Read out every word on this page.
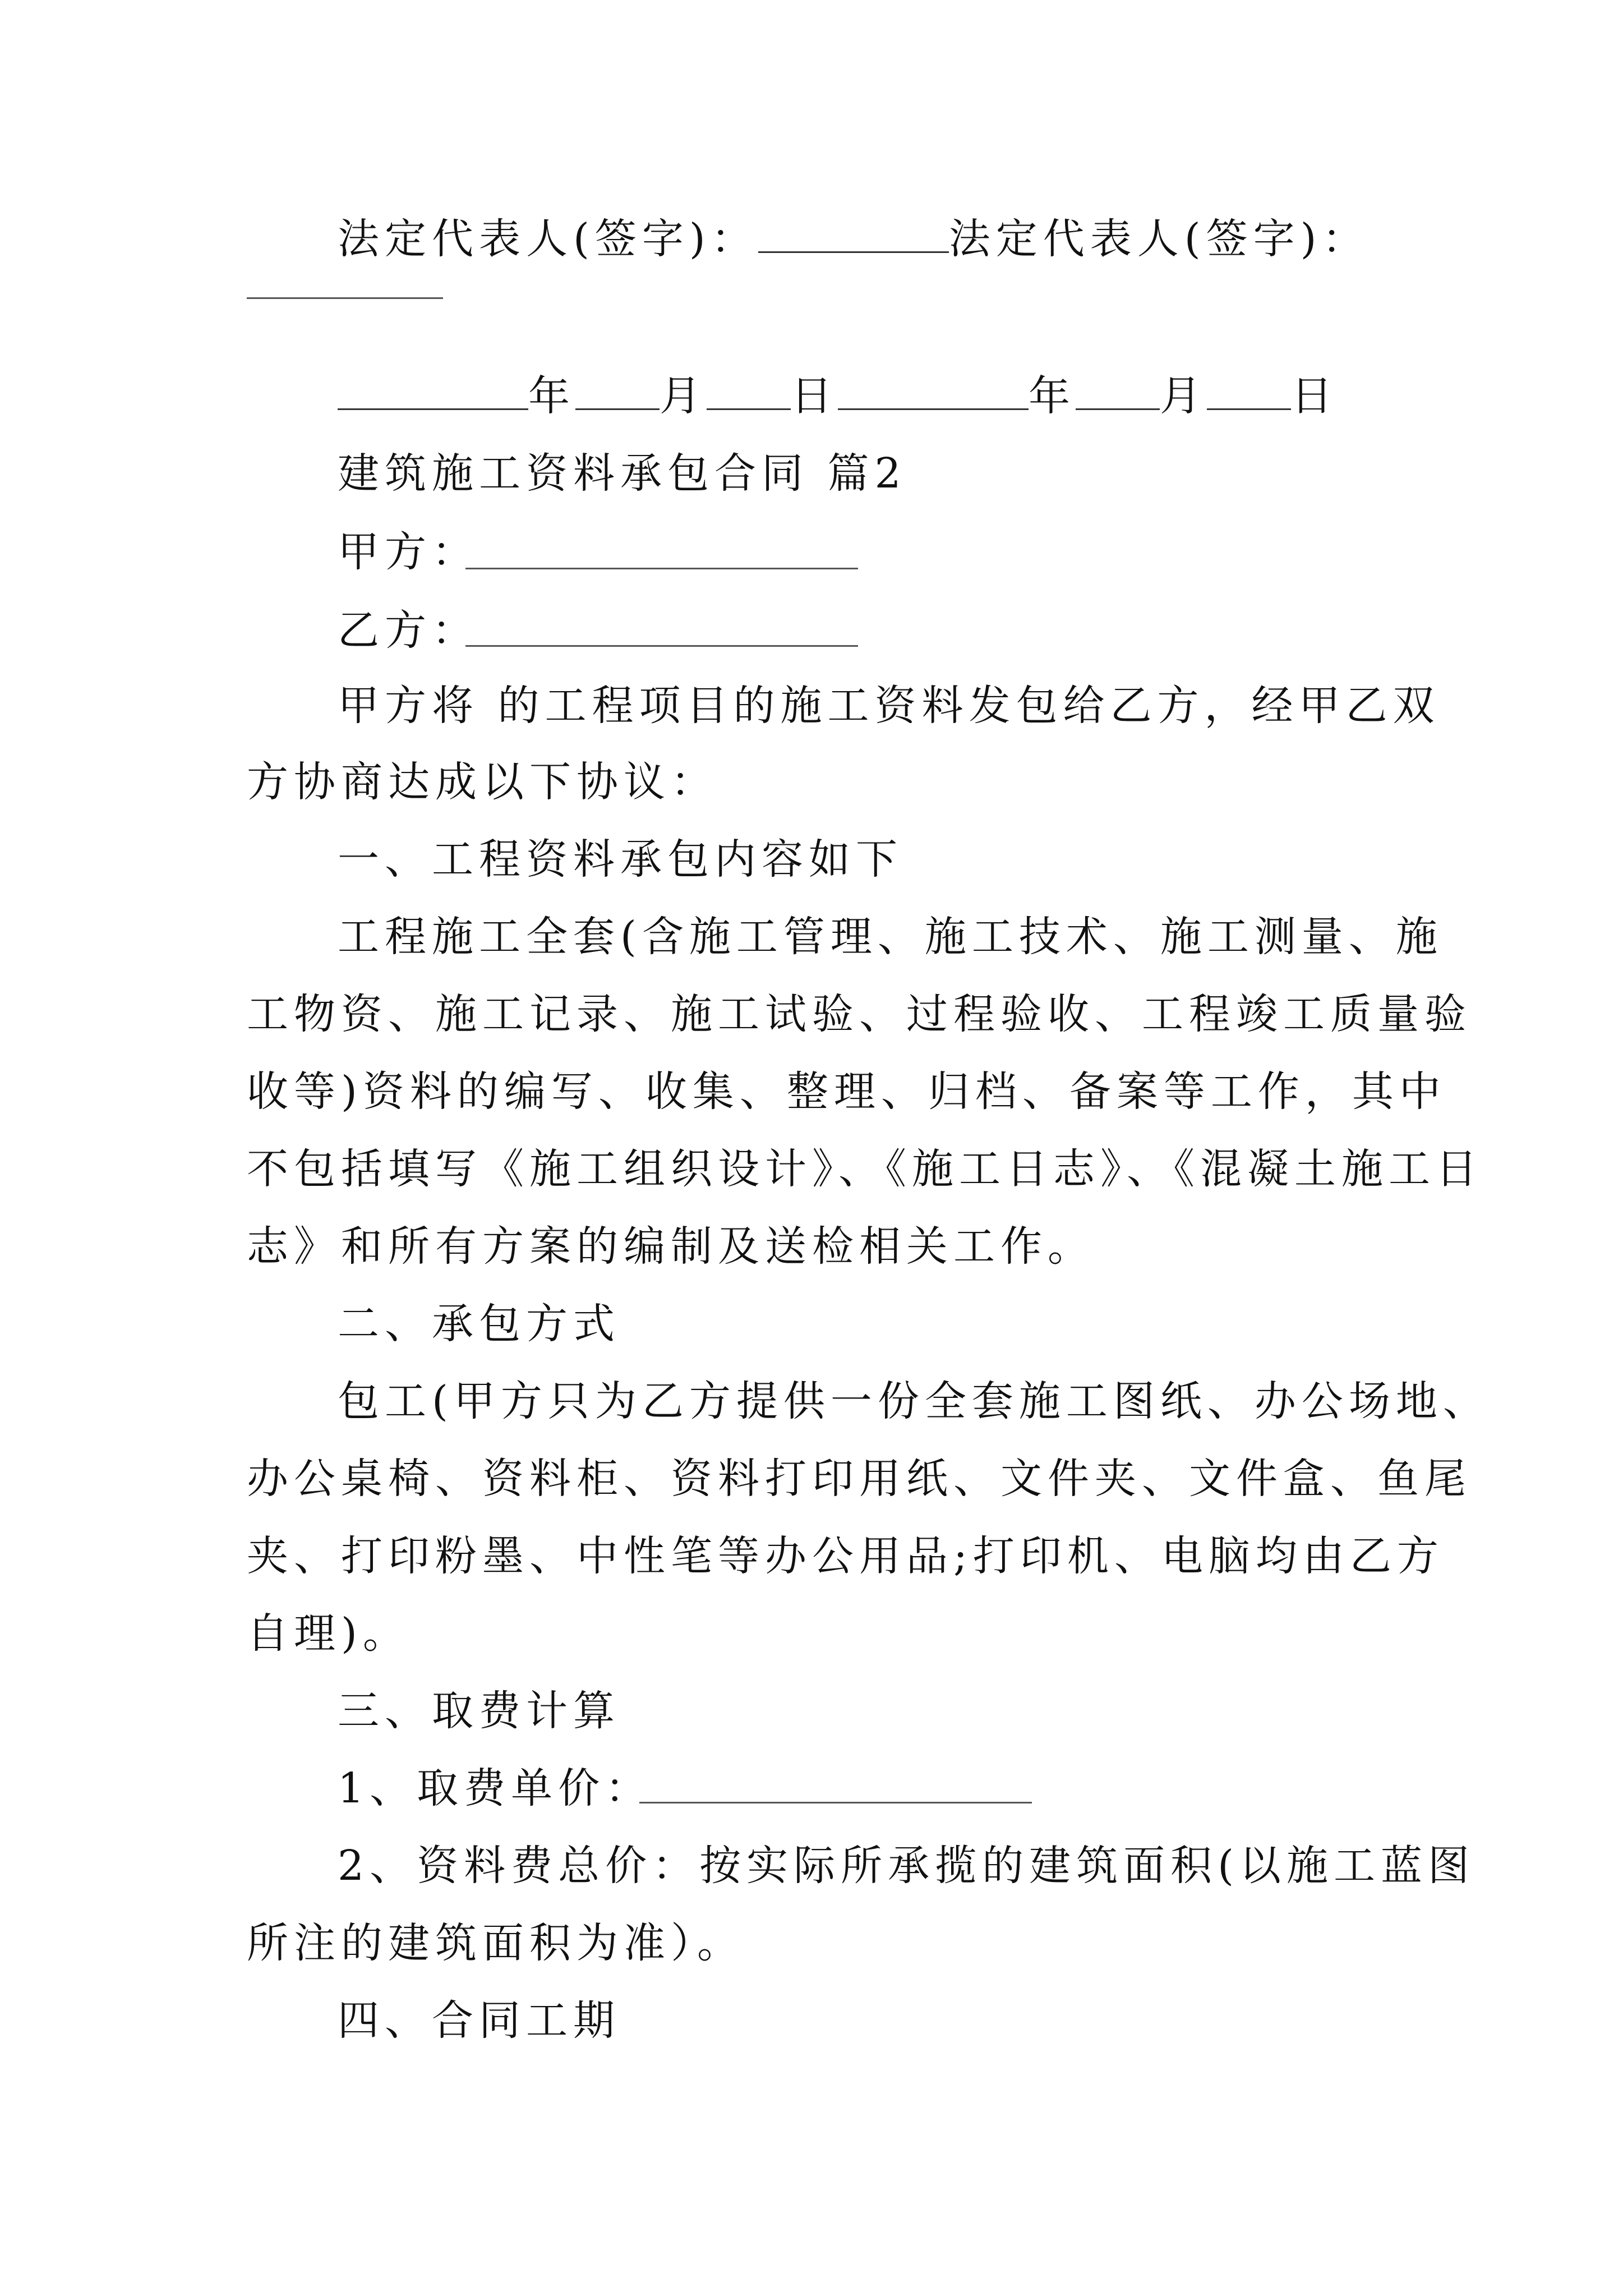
法定代表人(签字)：	法定代表人(签字)：
年 月 日	年 月 日
建筑施工资料承包合同 篇2
甲方：
乙方：
甲方将 的工程项目的施工资料发包给乙方，经甲乙双
方协商达成以下协议：
一、工程资料承包内容如下
工程施工全套(含施工管理、施工技术、施工测量、施
工物资、施工记录、施工试验、过程验收、工程竣工质量验
收等)资料的编写、收集、整理、归档、备案等工作，其中
不包括填写《施工组织设计》、《施工日志》、《混凝土施工日
志》和所有方案的编制及送检相关工作。
二、承包方式
包工(甲方只为乙方提供一份全套施工图纸、办公场地、
办公桌椅、资料柜、资料打印用纸、文件夹、文件盒、鱼尾
夹、打印粉墨、中性笔等办公用品;打印机、电脑均由乙方
自理)。
三、取费计算
1、取费单价：
2、资料费总价：按实际所承揽的建筑面积(以施工蓝图
所注的建筑面积为准）。
四、合同工期
